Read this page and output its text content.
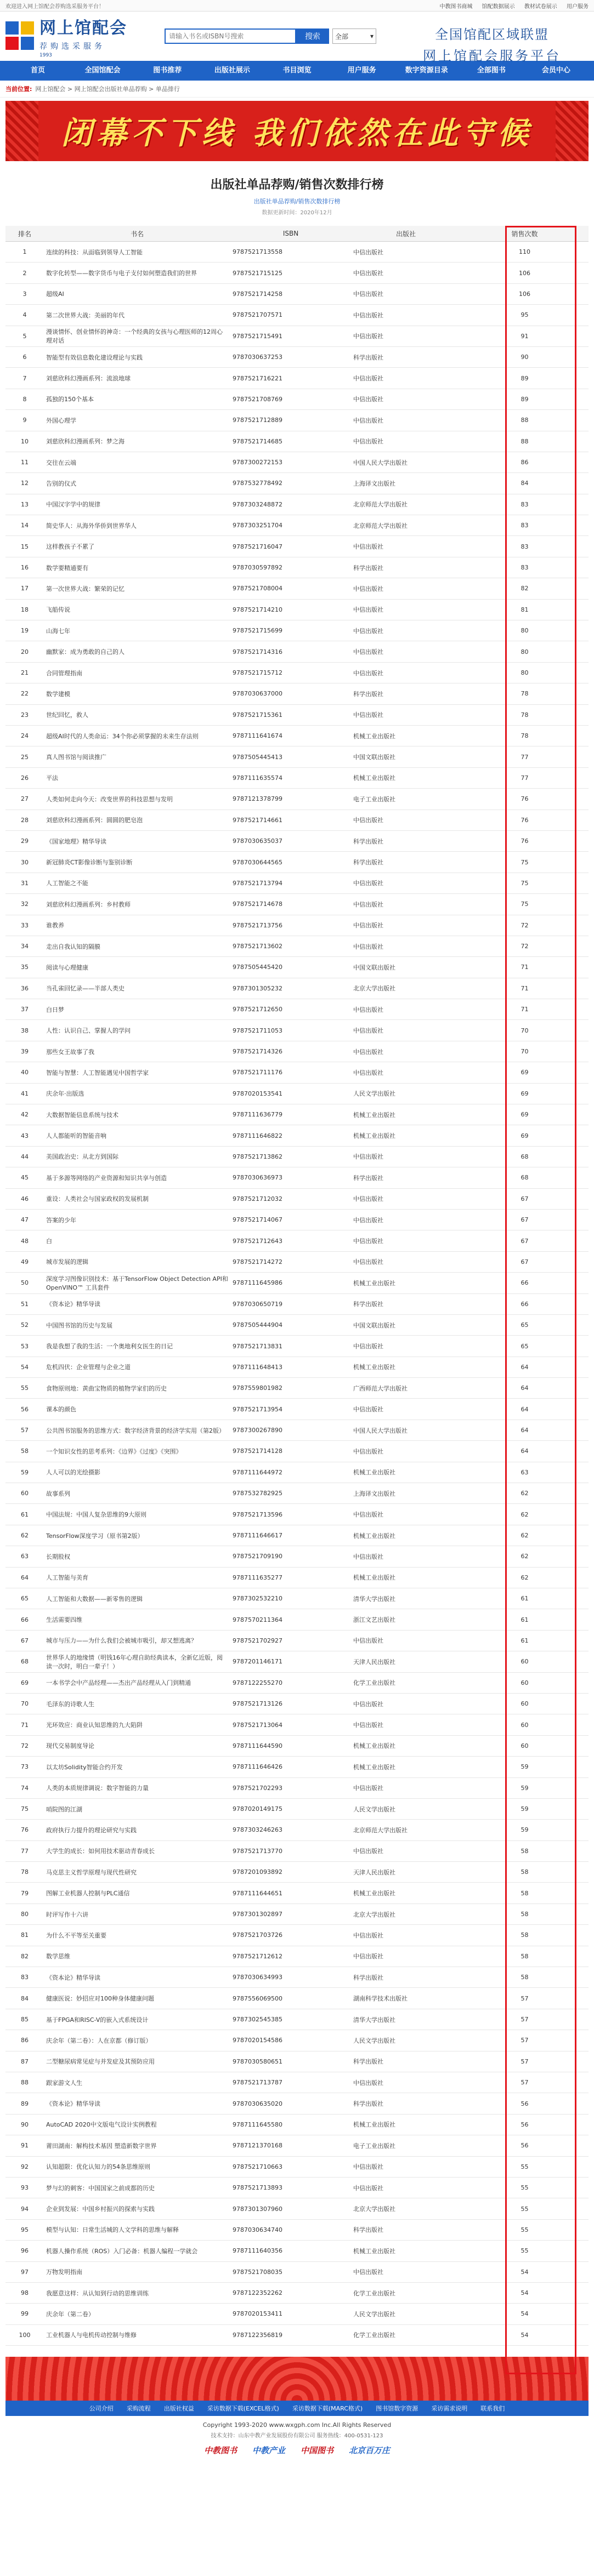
欢迎进入网上馆配会荐购选采服务平台！	中教图书商城 馆配数据展示 教材试卷展示 用户服务
网上馆配会
荐购选采服务
1993
请输入书名或ISBN号搜索
搜索	全部	▾	全国馆配区域联盟
网上馆配会服务平台
首页	全国馆配会	图书推荐	出版社展示	书目浏览	用户服务	数字资源目录	全部图书	会员中心
当前位置: 网上馆配会 > 网上馆配会出版社单品荐购 > 单品排行
闭幕不下线 我们依然在此守候
出版社单品荐购/销售次数排行榜
出版社单品荐购/销售次数排行榜
数据更新时间：2020年12月
排名	书名	ISBN	出版社	销售次数
1	连续的科技：从面临到领导人工智能	9787521713558	中信出版社	110
2	数字化转型——数字货币与电子支付如何塑造我们的世界	9787521715125	中信出版社	106
3	超级AI	9787521714258	中信出版社	106
4	第二次世界大战：美丽的年代	9787521707571	中信出版社	95
5	漫谈情怀、创业情怀的神奇：一个经典的女孩与心理医师的12周心理对话	9787521715491	中信出版社	91
6	智能型有效信息数化建设理论与实践	9787030637253	科学出版社	90
7	刘慈欣科幻漫画系列：流浪地球	9787521716221	中信出版社	89
8	孤独的150个基本	9787521708769	中信出版社	89
9	外国心理学	9787521712889	中信出版社	88
10	刘慈欣科幻漫画系列：梦之海	9787521714685	中信出版社	88
11	交往在云端	9787300272153	中国人民大学出版社	86
12	告别的仪式	9787532778492	上海译文出版社	84
13	中国汉字学中的规律	9787303248872	北京师范大学出版社	83
14	简史华人：从海外华侨到世界华人	9787303251704	北京师范大学出版社	83
15	这样教孩子不累了	9787521716047	中信出版社	83
16	数学要精通要有	9787030597892	科学出版社	83
17	第一次世界大战：繁荣的记忆	9787521708004	中信出版社	82
18	飞船传说	9787521714210	中信出版社	81
19	山海七年	9787521715699	中信出版社	80
20	幽默家：成为勇敢的自己的人	9787521714316	中信出版社	80
21	合同管理指南	9787521715712	中信出版社	80
22	数学建模	9787030637000	科学出版社	78
23	世纪回忆，救人	9787521715361	中信出版社	78
24	超级AI时代的人类命运：34个你必须掌握的未来生存法则	9787111641674	机械工业出版社	78
25	真人图书馆与阅读推广	9787505445413	中国文联出版社	77
26	平法	9787111635574	机械工业出版社	77
27	人类如何走向今天：改变世界的科技思想与发明	9787121378799	电子工业出版社	76
28	刘慈欣科幻漫画系列：圆圆的肥皂泡	9787521714661	中信出版社	76
29	《国家地理》精华导读	9787030635037	科学出版社	76
30	新冠肺炎CT影像诊断与鉴别诊断	9787030644565	科学出版社	75
31	人工智能之不能	9787521713794	中信出版社	75
32	刘慈欣科幻漫画系列：乡村教师	9787521714678	中信出版社	75
33	谁教养	9787521713756	中信出版社	72
34	走出自我认知的隔膜	9787521713602	中信出版社	72
35	阅读与心理健康	9787505445420	中国文联出版社	71
36	当孔雀回忆录——半部人类史	9787301305232	北京大学出版社	71
37	白日梦	9787521712650	中信出版社	71
38	人性：认识自己、掌握人的学问	9787521711053	中信出版社	70
39	那些女王故事了我	9787521714326	中信出版社	70
40	智能与智慧：人工智能遇见中国哲学家	9787521711176	中信出版社	69
41	庆余年·出版选	9787020153541	人民文学出版社	69
42	大数据智能信息系统与技术	9787111636779	机械工业出版社	69
43	人人都能听的智能音响	9787111646822	机械工业出版社	69
44	美国政治史：从北方到国际	9787521713862	中信出版社	68
45	基于多源等网络的产业资源和知识共享与创造	9787030636973	科学出版社	68
46	重设：人类社会与国家政权的发展机制	9787521712032	中信出版社	67
47	答案的少年	9787521714067	中信出版社	67
48	白	9787521712643	中信出版社	67
49	城市发展的逻辑	9787521714272	中信出版社	67
50	深度学习图像识别技术：基于TensorFlow Object Detection API和OpenVINO™ 工具套件	9787111645986	机械工业出版社	66
51	《资本论》精华导读	9787030650719	科学出版社	66
52	中国图书馆的历史与发展	9787505444904	中国文联出版社	65
53	我是我想了我的生活：一个奥地利女医生的日记	9787521713831	中信出版社	65
54	危机四伏：企业管理与企业之道	9787111648413	机械工业出版社	64
55	食物原则地：黄曲宝物质的植物学家们的历史	9787559801982	广西师范大学出版社	64
56	课本的颜色	9787521713954	中信出版社	64
57	公共图书馆服务的思维方式：数字经济背景的经济学实用（第2版）	9787300267890	中国人民大学出版社	64
58	一个知识女性的思考系列：《边界》《过度》《突围》	9787521714128	中信出版社	64
59	人人可以的光绘摄影	9787111644972	机械工业出版社	63
60	故事系列	9787532782925	上海译文出版社	62
61	中国法规：中国人复杂思维的9大原则	9787521713596	中信出版社	62
62	TensorFlow深度学习（原书第2版）	9787111646617	机械工业出版社	62
63	长期股权	9787521709190	中信出版社	62
64	人工智能与美育	9787111635277	机械工业出版社	62
65	人工智能和大数据——新零售的逻辑	9787302532210	清华大学出版社	61
66	生活需要四维	9787570211364	浙江文艺出版社	61
67	城市与压力——为什么我们会被城市吸引，却又想逃离？	9787521702927	中信出版社	61
68	世界华人的地缘情（明钱16年心理自助经典读本，全新亿近版，阅读一次时，明白一辈子！）	9787201146171	天津人民出版社	60
69	一本书学会中产品经理——杰出产品经理从入门到精通	9787122255270	化学工业出版社	60
70	毛泽东的诗歌人生	9787521713126	中信出版社	60
71	光环效应：商业认知思维的九大陷阱	9787521713064	中信出版社	60
72	现代交易制度导论	9787111644590	机械工业出版社	60
73	以太坊Solidity智能合约开发	9787111646426	机械工业出版社	59
74	人类的本质规律调说：数字智能的力量	9787521702293	中信出版社	59
75	哨院图的江湖	9787020149175	人民文学出版社	59
76	政府执行力提升的理论研究与实践	9787303246263	北京师范大学出版社	59
77	大学生的成长：如何用技术驱动青春成长	9787521713770	中信出版社	58
78	马克思主义哲学原理与现代性研究	9787201093892	天津人民出版社	58
79	图解工业机器人控制与PLC通信	9787111644651	机械工业出版社	58
80	时评写作十六讲	9787301302897	北京大学出版社	58
81	为什么不平等至关重要	9787521703726	中信出版社	58
82	数学思维	9787521712612	中信出版社	58
83	《资本论》精华导读	9787030634993	科学出版社	58
84	健康医说：妙招应对100种身体健康问题	9787556069500	湖南科学技术出版社	57
85	基于FPGA和RISC-V的嵌入式系统设计	9787302545385	清华大学出版社	57
86	庆余年（第二卷）：人在京都（修订版）	9787020154586	人民文学出版社	57
87	二型糖尿病常见症与并发症及其预防应用	9787030580651	科学出版社	57
88	跟家游文人生	9787521713787	中信出版社	57
89	《资本论》精华导读	9787030635020	科学出版社	56
90	AutoCAD 2020中文版电气设计实例教程	9787111645580	机械工业出版社	56
91	莆田湖南：解构技术基因 塑造新数字世界	9787121370168	电子工业出版社	56
92	认知超限：优化认知力的54条思维原则	9787521710663	中信出版社	55
93	梦与幻的刺客：中国国家之前成都的历史	9787521713893	中信出版社	55
94	企业到发展：中国乡村振兴的探索与实践	9787301307960	北京大学出版社	55
95	模型与认知：日常生活城的人文学科的思维与解释	9787030634740	科学出版社	55
96	机器人操作系统（ROS）入门必备：机器人编程一学就会	9787111640356	机械工业出版社	55
97	万物发明指南	9787521708035	中信出版社	54
98	我愿意这样：从认知到行动的思维训练	9787122352262	化学工业出版社	54
99	庆余年（第二卷）	9787020153411	人民文学出版社	54
100	工业机器人与电机传动控制与维修	9787122356819	化学工业出版社	54
公司介绍	采购流程	出版社权益	采访数据下载(EXCEL格式)	采访数据下载(MARC格式)	图书馆数字资源	采访需求说明	联系我们
Copyright 1993-2020 www.wxgph.com Inc.All Rights Reserved
技术支持：山东中教产业发展股份有限公司 服务热线：400-0531-123
中教图书 中教产业 中国图书 北京百万庄
